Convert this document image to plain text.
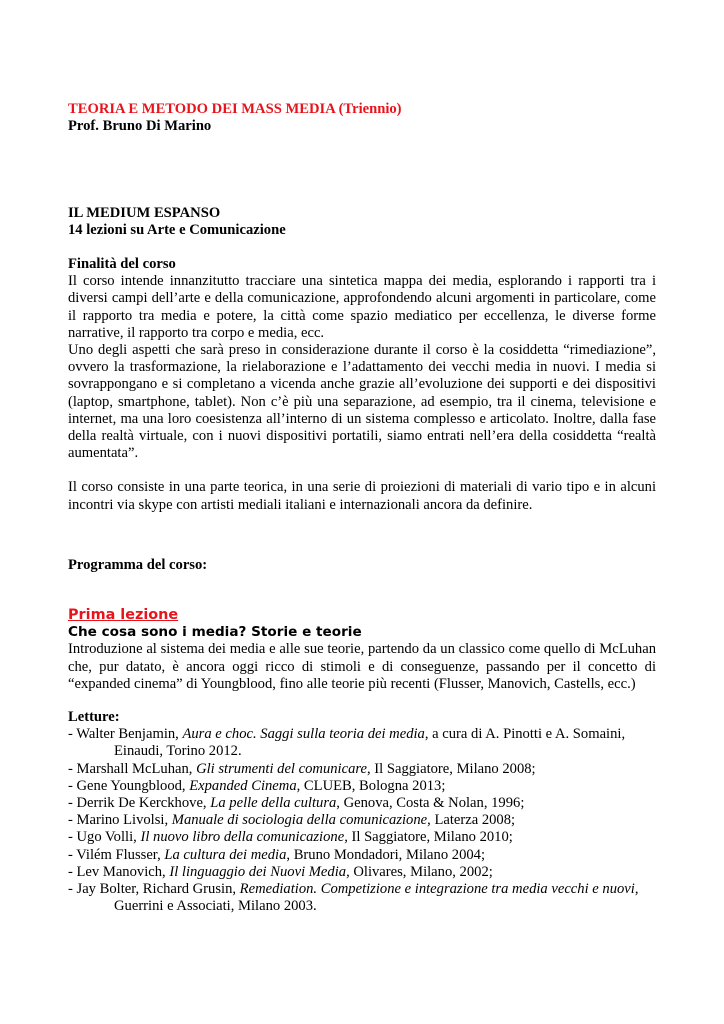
TEORIA E METODO DEI MASS MEDIA (Triennio)
Prof. Bruno Di Marino
IL MEDIUM ESPANSO
14 lezioni su Arte e Comunicazione
Finalità del corso

Il corso intende innanzitutto tracciare una sintetica mappa dei media, esplorando i rapporti tra i diversi campi dell’arte e della comunicazione, approfondendo alcuni argomenti in particolare, come il rapporto tra media e potere, la città come spazio mediatico per eccellenza, le diverse forme narrative, il rapporto tra corpo e media, ecc.

Uno degli aspetti che sarà preso in considerazione durante il corso è la cosiddetta “rimediazione”, ovvero la trasformazione, la rielaborazione e l’adattamento dei vecchi media in nuovi. I media si sovrappongano e si completano a vicenda anche grazie all’evoluzione dei supporti e dei dispositivi (laptop, smartphone, tablet). Non c’è più una separazione, ad esempio, tra il cinema, televisione e internet, ma una loro coesistenza all’interno di un sistema complesso e articolato. Inoltre, dalla fase della realtà virtuale, con i nuovi dispositivi portatili, siamo entrati nell’era della cosiddetta “realtà aumentata”.

Il corso consiste in una parte teorica, in una serie di proiezioni di materiali di vario tipo e in alcuni incontri via skype con artisti mediali italiani e internazionali ancora da definire.

Programma del corso:
Prima lezione
Che cosa sono i media? Storie e teorie

Introduzione al sistema dei media e alle sue teorie, partendo da un classico come quello di McLuhan che, pur datato, è ancora oggi ricco di stimoli e di conseguenze, passando per il concetto di “expanded cinema” di Youngblood, fino alle teorie più recenti (Flusser, Manovich, Castells, ecc.)

Letture:

- Walter Benjamin, Aura e choc. Saggi sulla teoria dei media, a cura di A. Pinotti e A. Somaini, Einaudi, Torino 2012.

- Marshall McLuhan, Gli strumenti del comunicare, Il Saggiatore, Milano 2008;

- Gene Youngblood, Expanded Cinema, CLUEB, Bologna 2013;

- Derrik De Kerckhove, La pelle della cultura, Genova, Costa & Nolan, 1996;

- Marino Livolsi, Manuale di sociologia della comunicazione, Laterza 2008;

- Ugo Volli, Il nuovo libro della comunicazione, Il Saggiatore, Milano 2010;

- Vilém Flusser, La cultura dei media, Bruno Mondadori, Milano 2004;

- Lev Manovich, Il linguaggio dei Nuovi Media, Olivares, Milano, 2002;

- Jay Bolter, Richard Grusin, Remediation. Competizione e integrazione tra media vecchi e nuovi, Guerrini e Associati, Milano 2003.
